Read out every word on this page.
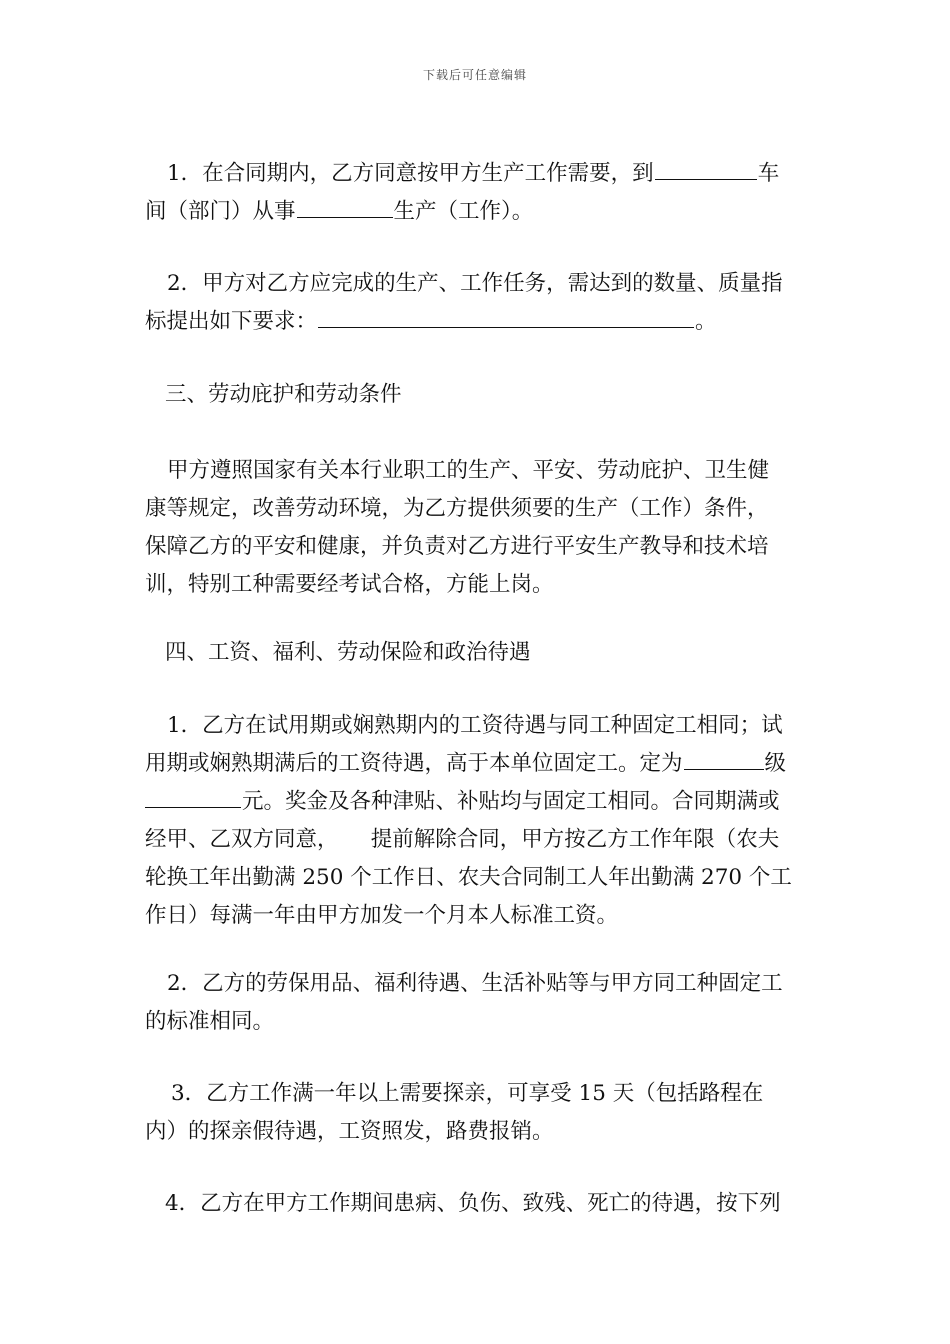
下载后可任意编辑
1．在合同期内，乙方同意按甲方生产工作需要，到	车
间（部门）从事	生产（工作）。
2．甲方对乙方应完成的生产、工作任务，需达到的数量、质量指
标提出如下要求：	。
三、劳动庇护和劳动条件
甲方遵照国家有关本行业职工的生产、平安、劳动庇护、卫生健
康等规定，改善劳动环境，为乙方提供须要的生产（工作）条件，
保障乙方的平安和健康，并负责对乙方进行平安生产教导和技术培
训，特别工种需要经考试合格，方能上岗。
四、工资、福利、劳动保险和政治待遇
1．乙方在试用期或娴熟期内的工资待遇与同工种固定工相同；试
用期或娴熟期满后的工资待遇，高于本单位固定工。定为	级
元。奖金及各种津贴、补贴均与固定工相同。合同期满或
经甲、乙双方同意，　　提前解除合同，甲方按乙方工作年限（农夫
轮换工年出勤满 250 个工作日、农夫合同制工人年出勤满 270 个工
作日）每满一年由甲方加发一个月本人标准工资。
2．乙方的劳保用品、福利待遇、生活补贴等与甲方同工种固定工
的标准相同。
3．乙方工作满一年以上需要探亲，可享受 15 天（包括路程在
内）的探亲假待遇，工资照发，路费报销。
4．乙方在甲方工作期间患病、负伤、致残、死亡的待遇，按下列
